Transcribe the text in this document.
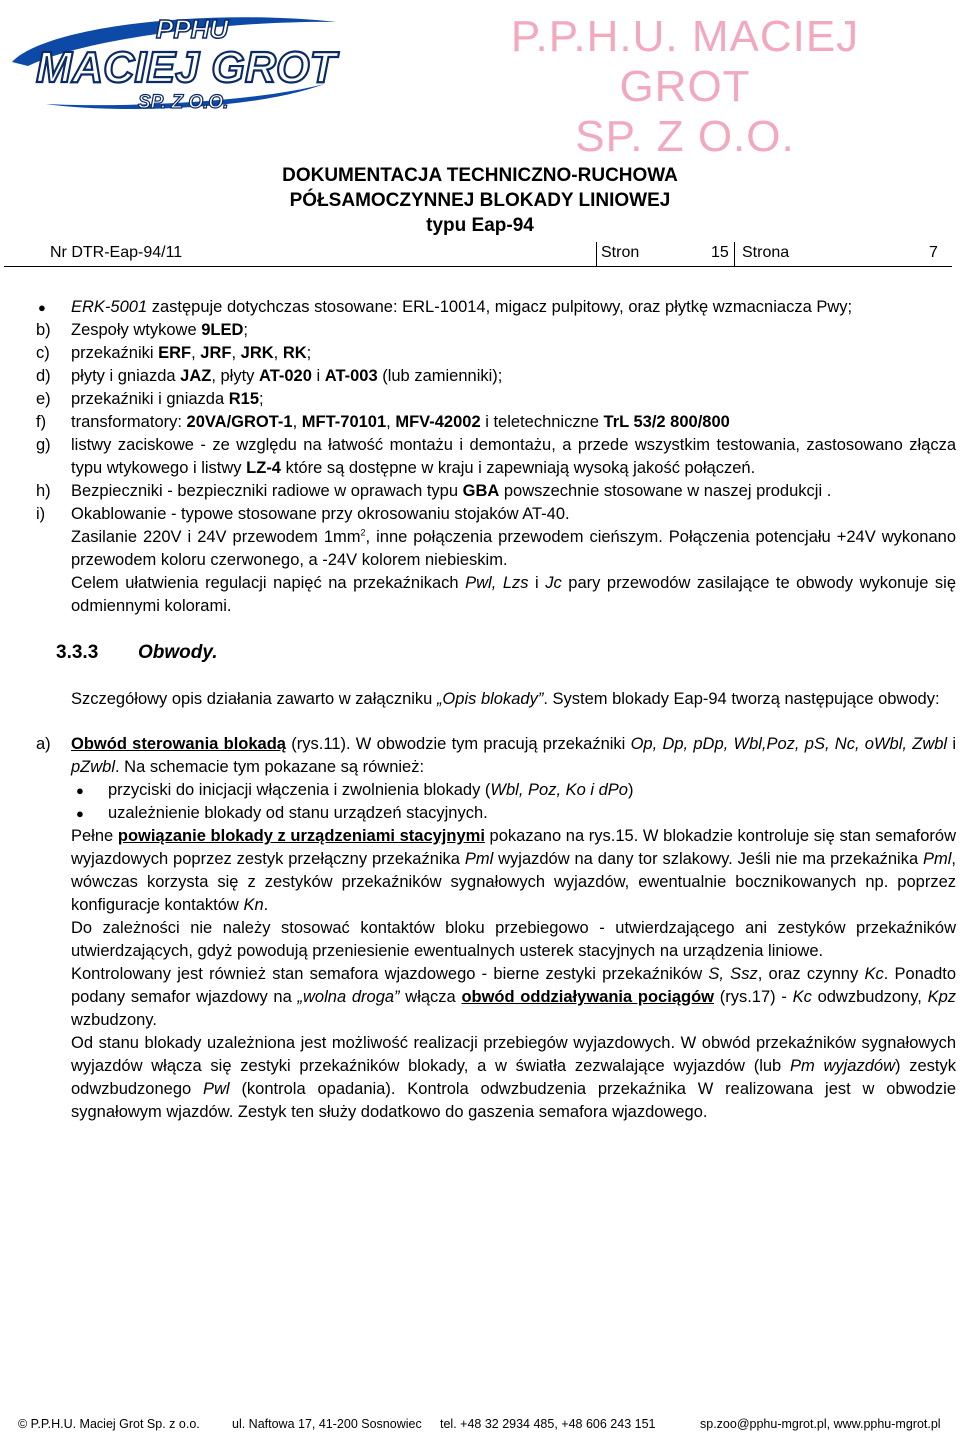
PPHU
MACIEJ GROT
SP. Z O.O.
P.P.H.U. MACIEJ GROT
SP. Z O.O.
DOKUMENTACJA TECHNICZNO-RUCHOWA
PÓŁSAMOCZYNNEJ BLOKADY LINIOWEJ
typu Eap-94
Nr DTR-Eap-94/11	Stron	15 Strona	7
● ERK-5001 zastępuje dotychczas stosowane: ERL-10014, migacz pulpitowy, oraz płytkę wzmacniacza Pwy;
b) Zespoły wtykowe 9LED;
c) przekaźniki ERF, JRF, JRK, RK;
d) płyty i gniazda JAZ, płyty AT-020 i AT-003 (lub zamienniki);
e) przekaźniki i gniazda R15;
f) transformatory: 20VA/GROT-1, MFT-70101, MFV-42002 i teletechniczne TrL 53/2 800/800
g) listwy zaciskowe - ze względu na łatwość montażu i demontażu, a przede wszystkim testowania, zastosowano złącza typu wtykowego i listwy LZ-4 które są dostępne w kraju i zapewniają wysoką jakość połączeń.
h) Bezpieczniki - bezpieczniki radiowe w oprawach typu GBA powszechnie stosowane w naszej produkcji .
i) Okablowanie - typowe stosowane przy okrosowaniu stojaków AT-40.
Zasilanie 220V i 24V przewodem $1mm^2$, inne połączenia przewodem cieńszym. Połączenia potencjału +24V wykonano przewodem koloru czerwonego, a -24V kolorem niebieskim.
Celem ułatwienia regulacji napięć na przekaźnikach Pwl, Lzs i Jc pary przewodów zasilające te obwody wykonuje się odmiennymi kolorami.
3.3.3 Obwody.
Szczegółowy opis działania zawarto w załączniku „Opis blokady”. System blokady Eap-94 tworzą następujące obwody:
a) Obwód sterowania blokadą (rys.11). W obwodzie tym pracują przekaźniki Op, Dp, pDp, Wbl,Poz, pS, Nc, oWbl, Zwbl i pZwbl. Na schemacie tym pokazane są również:
● przyciski do inicjacji włączenia i zwolnienia blokady (Wbl, Poz, Ko i dPo)
● uzależnienie blokady od stanu urządzeń stacyjnych.
Pełne powiązanie blokady z urządzeniami stacyjnymi pokazano na rys.15. W blokadzie kontroluje się stan semaforów wyjazdowych poprzez zestyk przełączny przekaźnika Pml wyjazdów na dany tor szlakowy. Jeśli nie ma przekaźnika Pml, wówczas korzysta się z zestyków przekaźników sygnałowych wyjazdów, ewentualnie bocznikowanych np. poprzez konfiguracje kontaktów Kn.
Do zależności nie należy stosować kontaktów bloku przebiegowo - utwierdzającego ani zestyków przekaźników utwierdzających, gdyż powodują przeniesienie ewentualnych usterek stacyjnych na urządzenia liniowe.
Kontrolowany jest również stan semafora wjazdowego - bierne zestyki przekaźników S, Ssz, oraz czynny Kc. Ponadto podany semafor wjazdowy na „wolna droga” włącza obwód oddziaływania pociągów (rys.17) - Kc odwzbudzony, Kpz wzbudzony.
Od stanu blokady uzależniona jest możliwość realizacji przebiegów wyjazdowych. W obwód przekaźników sygnałowych wyjazdów włącza się zestyki przekaźników blokady, a w światła zezwalające wyjazdów (lub Pm wyjazdów) zestyk odwzbudzonego Pwl (kontrola opadania). Kontrola odwzbudzenia przekaźnika W realizowana jest w obwodzie sygnałowym wjazdów. Zestyk ten służy dodatkowo do gaszenia semafora wjazdowego.
© P.P.H.U. Maciej Grot Sp. z o.o.	ul. Naftowa 17, 41-200 Sosnowiec tel. +48 32 2934 485, +48 606 243 151	sp.zoo@pphu-mgrot.pl, www.pphu-mgrot.pl
